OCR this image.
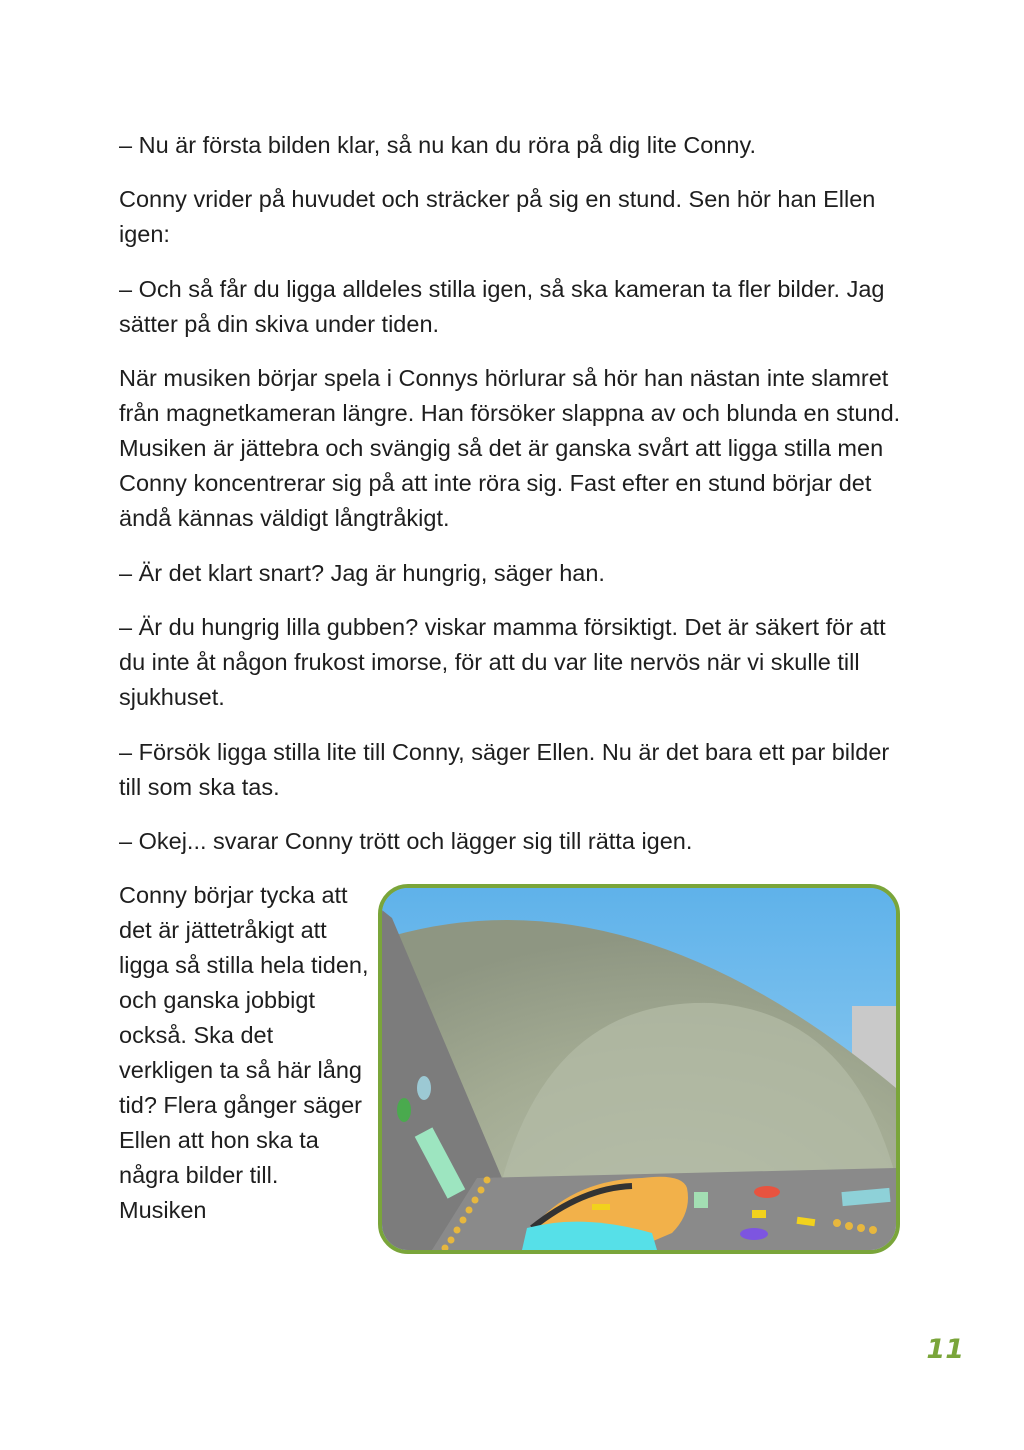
– Nu är första bilden klar, så nu kan du röra på dig lite Conny.

Conny vrider på huvudet och sträcker på sig en stund. Sen hör han Ellen igen:

– Och så får du ligga alldeles stilla igen, så ska kameran ta fler bilder. Jag sätter på din skiva under tiden.

När musiken börjar spela i Connys hörlurar så hör han nästan inte slamret från magnetkameran längre. Han försöker slappna av och blunda en stund. Musiken är jättebra och svängig så det är ganska svårt att ligga stilla men Conny koncentrerar sig på att inte röra sig. Fast efter en stund börjar det ändå kännas väldigt långtråkigt.

– Är det klart snart? Jag är hungrig, säger han.

– Är du hungrig lilla gubben? viskar mamma försiktigt. Det är säkert för att du inte åt någon frukost imorse, för att du var lite nervös när vi skulle till sjukhuset.

– Försök ligga stilla lite till Conny, säger Ellen. Nu är det bara ett par bilder till som ska tas.

– Okej... svarar Conny trött och lägger sig till rätta igen.

Conny börjar tycka att det är jättetråkigt att ligga så stilla hela tiden, och ganska jobbigt också. Ska det verkligen ta så här lång tid? Flera gånger säger Ellen att hon ska ta några bilder till. Musiken

11
